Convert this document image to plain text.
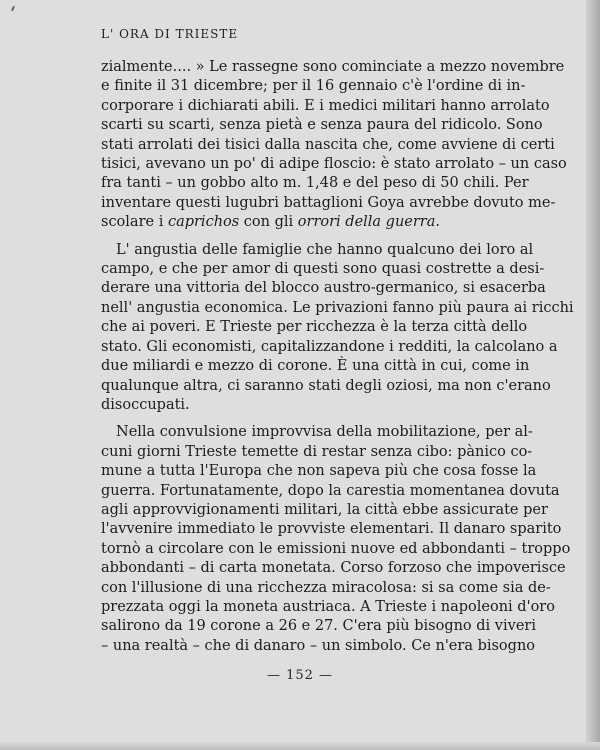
L' ORA DI TRIESTE
zialmente.... » Le rassegne sono cominciate a mezzo novembre
e finite il 31 dicembre; per il 16 gennaio c'è l'ordine di in-
corporare i dichiarati abili. E i medici militari hanno arrolato
scarti su scarti, senza pietà e senza paura del ridicolo. Sono
stati arrolati dei tisici dalla nascita che, come avviene di certi
tisici, avevano un po' di adipe floscio: è stato arrolato – un caso
fra tanti – un gobbo alto m. 1,48 e del peso di 50 chili. Per
inventare questi lugubri battaglioni Goya avrebbe dovuto me-
scolare i caprichos con gli orrori della guerra.
L' angustia delle famiglie che hanno qualcuno dei loro al
campo, e che per amor di questi sono quasi costrette a desi-
derare una vittoria del blocco austro-germanico, si esacerba
nell' angustia economica. Le privazioni fanno più paura ai ricchi
che ai poveri. E Trieste per ricchezza è la terza città dello
stato. Gli economisti, capitalizzandone i redditi, la calcolano a
due miliardi e mezzo di corone. È una città in cui, come in
qualunque altra, ci saranno stati degli oziosi, ma non c'erano
disoccupati.
Nella convulsione improvvisa della mobilitazione, per al-
cuni giorni Trieste temette di restar senza cibo: pànico co-
mune a tutta l'Europa che non sapeva più che cosa fosse la
guerra. Fortunatamente, dopo la carestia momentanea dovuta
agli approvvigionamenti militari, la città ebbe assicurate per
l'avvenire immediato le provviste elementari. Il danaro sparito
tornò a circolare con le emissioni nuove ed abbondanti – troppo
abbondanti – di carta monetata. Corso forzoso che impoverisce
con l'illusione di una ricchezza miracolosa: si sa come sia de-
prezzata oggi la moneta austriaca. A Trieste i napoleoni d'oro
salirono da 19 corone a 26 e 27. C'era più bisogno di viveri
– una realtà – che di danaro – un simbolo. Ce n'era bisogno
— 152 —
